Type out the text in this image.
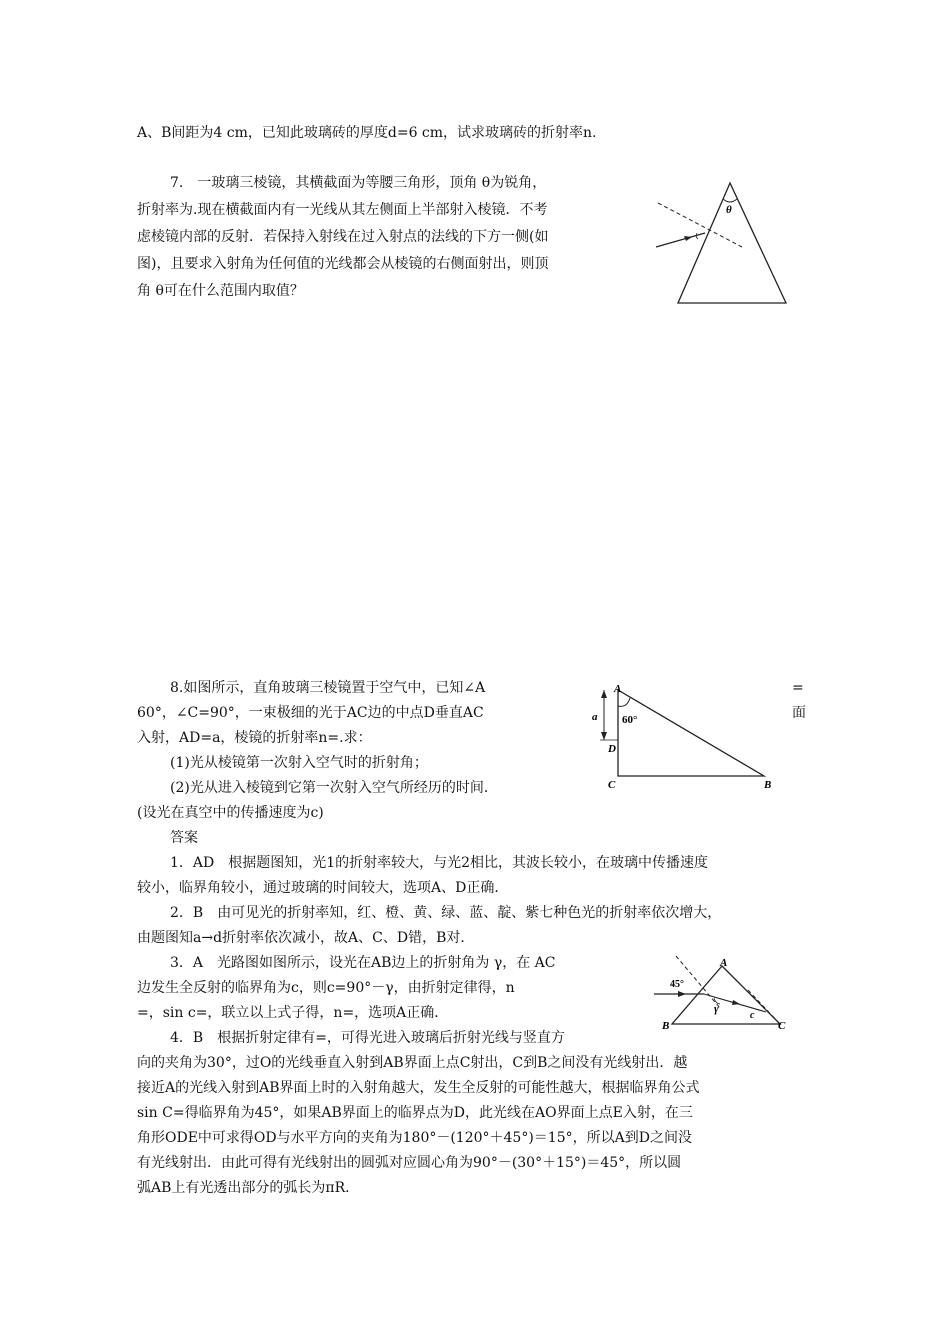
A、B间距为4 cm，已知此玻璃砖的厚度d=6 cm，试求玻璃砖的折射率n.
7.　一玻璃三棱镜，其横截面为等腰三角形，顶角 θ为锐角，
折射率为.现在横截面内有一光线从其左侧面上半部射入棱镜．不考
虑棱镜内部的反射．若保持入射线在过入射点的法线的下方一侧(如
图)，且要求入射角为任何值的光线都会从棱镜的右侧面射出，则顶
角 θ可在什么范围内取值？
θ
8.如图所示，直角玻璃三棱镜置于空气中，已知∠A	=
60°，∠C=90°，一束极细的光于AC边的中点D垂直AC	面
入射，AD=a，棱镜的折射率n=.求：
(1)光从棱镜第一次射入空气时的折射角；
(2)光从进入棱镜到它第一次射入空气所经历的时间．
(设光在真空中的传播速度为c)
A
a 60°
D
C	B
答案
1．AD　根据题图知，光1的折射率较大，与光2相比，其波长较小，在玻璃中传播速度
较小，临界角较小，通过玻璃的时间较大，选项A、D正确．
2．B　由可见光的折射率知，红、橙、黄、绿、蓝、靛、紫七种色光的折射率依次增大，
由题图知a→d折射率依次减小，故A、C、D错，B对．
3．A　光路图如图所示，设光在AB边上的折射角为 γ，在 AC
边发生全反射的临界角为c，则c=90°－γ，由折射定律得，n
=，sin c=，联立以上式子得，n=，选项A正确．
4．B　根据折射定律有=，可得光进入玻璃后折射光线与竖直方
向的夹角为30°，过O的光线垂直入射到AB界面上点C射出，C到B之间没有光线射出．越
接近A的光线入射到AB界面上时的入射角越大，发生全反射的可能性越大，根据临界角公式
sin C=得临界角为45°，如果AB界面上的临界点为D，此光线在AO界面上点E入射，在三
角形ODE中可求得OD与水平方向的夹角为180°－(120°＋45°)＝15°，所以A到D之间没
有光线射出．由此可得有光线射出的圆弧对应圆心角为90°－(30°＋15°)＝45°，所以圆
弧AB上有光透出部分的弧长为πR.
A
45°
γ
c
B	C
